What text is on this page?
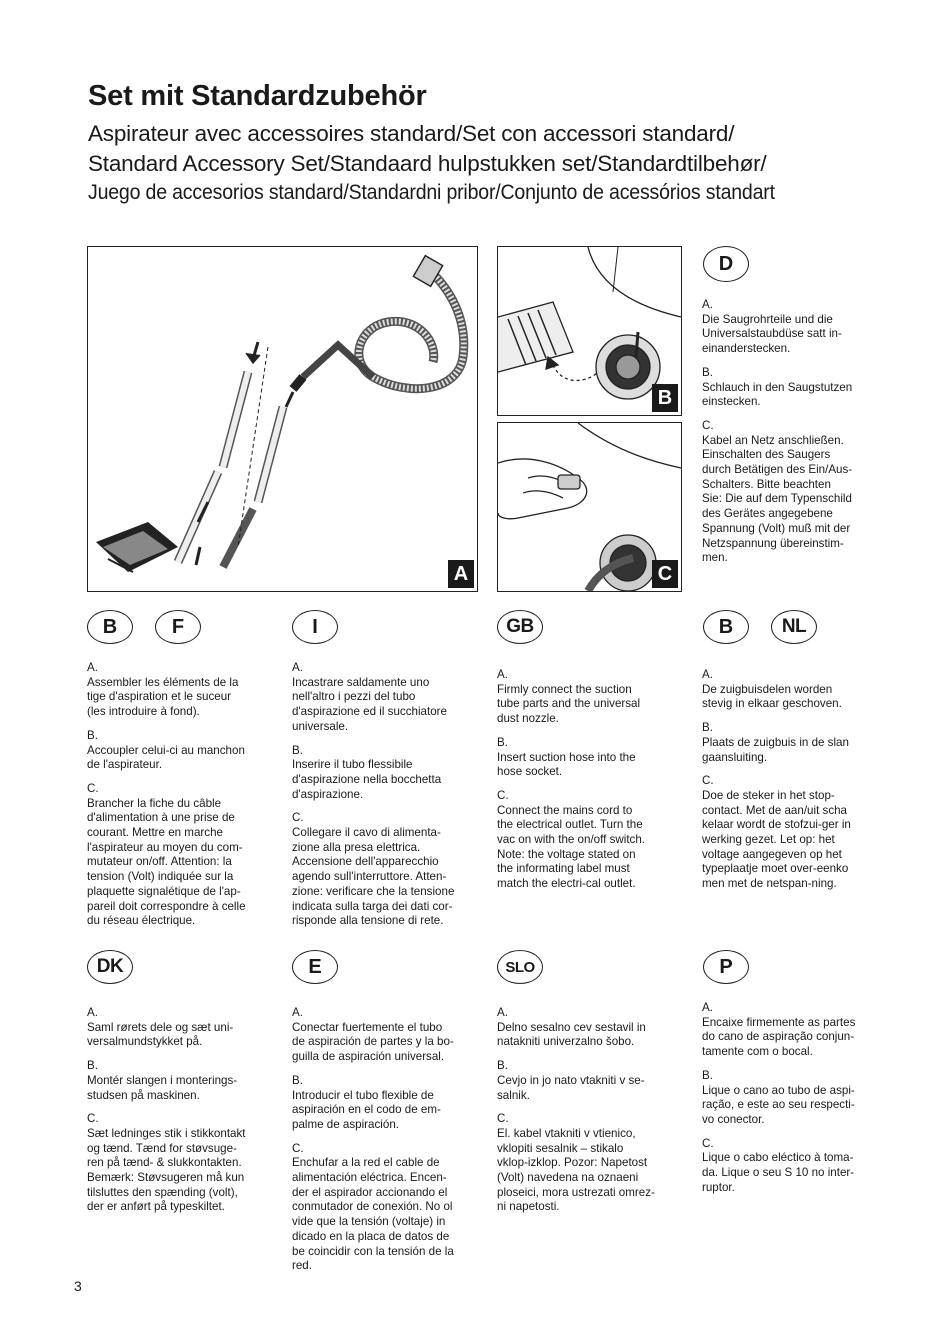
Set mit Standardzubehör
Aspirateur avec accessoires standard/Set con accessori standard/
Standard Accessory Set/Standaard hulpstukken set/Standardtilbehør/
Juego de accesorios standard/Standardni pribor/Conjunto de acessórios standart
A
B
C
D

A.

Die Saugrohrteile und die
Universalstaubdüse satt in-
einanderstecken.

B.

Schlauch in den Saugstutzen
einstecken.

C.

Kabel an Netz anschließen.
Einschalten des Saugers
durch Betätigen des Ein/Aus-
Schalters. Bitte beachten
Sie: Die auf dem Typenschild
des Gerätes angegebene
Spannung (Volt) muß mit der
Netzspannung übereinstim-
men.

B	F	I	GB	B	NL

A.

Assembler les éléments de la
tige d'aspiration et le suceur
(les introduire à fond).

B.

Accoupler celui-ci au manchon
de l'aspirateur.

C.

Brancher la fiche du câble
d'alimentation à une prise de
courant. Mettre en marche
l'aspirateur au moyen du com-
mutateur on/off. Attention: la
tension (Volt) indiquée sur la
plaquette signalétique de l'ap-
pareil doit correspondre à celle
du réseau électrique.

A.

Incastrare saldamente uno
nell'altro i pezzi del tubo
d'aspirazione ed il succhiatore
universale.

B.

Inserire il tubo flessibile
d'aspirazione nella bocchetta
d'aspirazione.

C.

Collegare il cavo di alimenta-
zione alla presa elettrica.
Accensione dell'apparecchio
agendo sull'interruttore. Atten-
zione: verificare che la tensione
indicata sulla targa dei dati cor-
risponde alla tensione di rete.

A.

Firmly connect the suction
tube parts and the universal
dust nozzle.

B.

Insert suction hose into the
hose socket.

C.

Connect the mains cord to
the electrical outlet. Turn the
vac on with the on/off switch.
Note: the voltage stated on
the informating label must
match the electri-cal outlet.

A.

De zuigbuisdelen worden
stevig in elkaar geschoven.

B.

Plaats de zuigbuis in de slan
gaansluiting.

C.

Doe de steker in het stop-
contact. Met de aan/uit scha
kelaar wordt de stofzui-ger in
werking gezet. Let op: het
voltage aangegeven op het
typeplaatje moet over-eenko
men met de netspan-ning.

DK	E	SLO	P

A.

Saml rørets dele og sæt uni-
versalmundstykket på.

B.

Montér slangen i monterings-
studsen på maskinen.

C.

Sæt ledninges stik i stikkontakt
og tænd. Tænd for støvsuge-
ren på tænd- & slukkontakten.
Bemærk: Støvsugeren må kun
tilsluttes den spænding (volt),
der er anført på typeskiltet.

A.

Conectar fuertemente el tubo
de aspiración de partes y la bo-
guilla de aspiración universal.

B.

Introducir el tubo flexible de
aspiración en el codo de em-
palme de aspiración.

C.

Enchufar a la red el cable de
alimentación eléctrica. Encen-
der el aspirador accionando el
conmutador de conexión. No ol
vide que la tensión (voltaje) in
dicado en la placa de datos de
be coincidir con la tensión de la
red.

A.

Delno sesalno cev sestavil in
natakniti univerzalno šobo.

B.

Cevjo in jo nato vtakniti v se-
salnik.

C.

El. kabel vtakniti v vtienico,
vklopiti sesalnik – stikalo
vklop-izklop. Pozor: Napetost
(Volt) navedena na oznaeni
ploseici, mora ustrezati omrez-
ni napetosti.

A.

Encaixe firmemente as partes
do cano de aspiração conjun-
tamente com o bocal.

B.

Lique o cano ao tubo de aspi-
ração, e este ao seu respecti-
vo conector.

C.

Lique o cabo eléctico à toma-
da. Lique o seu S 10 no inter-
ruptor.

3
